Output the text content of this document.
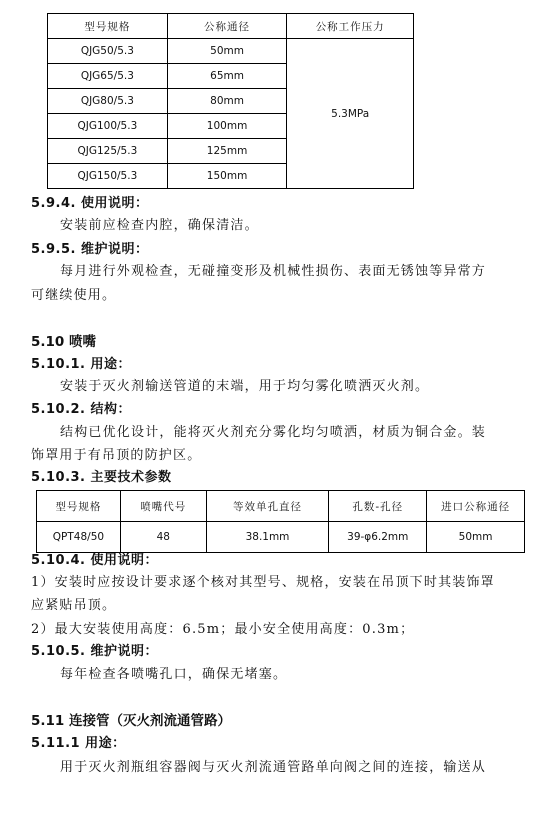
型号规格	公称通径	公称工作压力
QJG50/5.3	50mm	5.3MPa
QJG65/5.3	65mm	
QJG80/5.3	80mm	
QJG100/5.3	100mm	
QJG125/5.3	125mm	
QJG150/5.3	150mm	
5.9.4. 使用说明：
安装前应检查内腔，确保清洁。
5.9.5. 维护说明：
每月进行外观检查，无碰撞变形及机械性损伤、表面无锈蚀等异常方
可继续使用。
5.10 喷嘴
5.10.1. 用途：
安装于灭火剂输送管道的末端，用于均匀雾化喷洒灭火剂。
5.10.2. 结构：
结构已优化设计，能将灭火剂充分雾化均匀喷洒，材质为铜合金。装
饰罩用于有吊顶的防护区。
5.10.3. 主要技术参数
型号规格	喷嘴代号	等效单孔直径	孔数-孔径	进口公称通径
QPT48/50	48	38.1mm	39-φ6.2mm	50mm
5.10.4. 使用说明：
1）安装时应按设计要求逐个核对其型号、规格，安装在吊顶下时其装饰罩
应紧贴吊顶。
2）最大安装使用高度：6.5m；最小安全使用高度：0.3m；
5.10.5. 维护说明：
每年检查各喷嘴孔口，确保无堵塞。
5.11 连接管（灭火剂流通管路）
5.11.1 用途：
用于灭火剂瓶组容器阀与灭火剂流通管路单向阀之间的连接，输送从
